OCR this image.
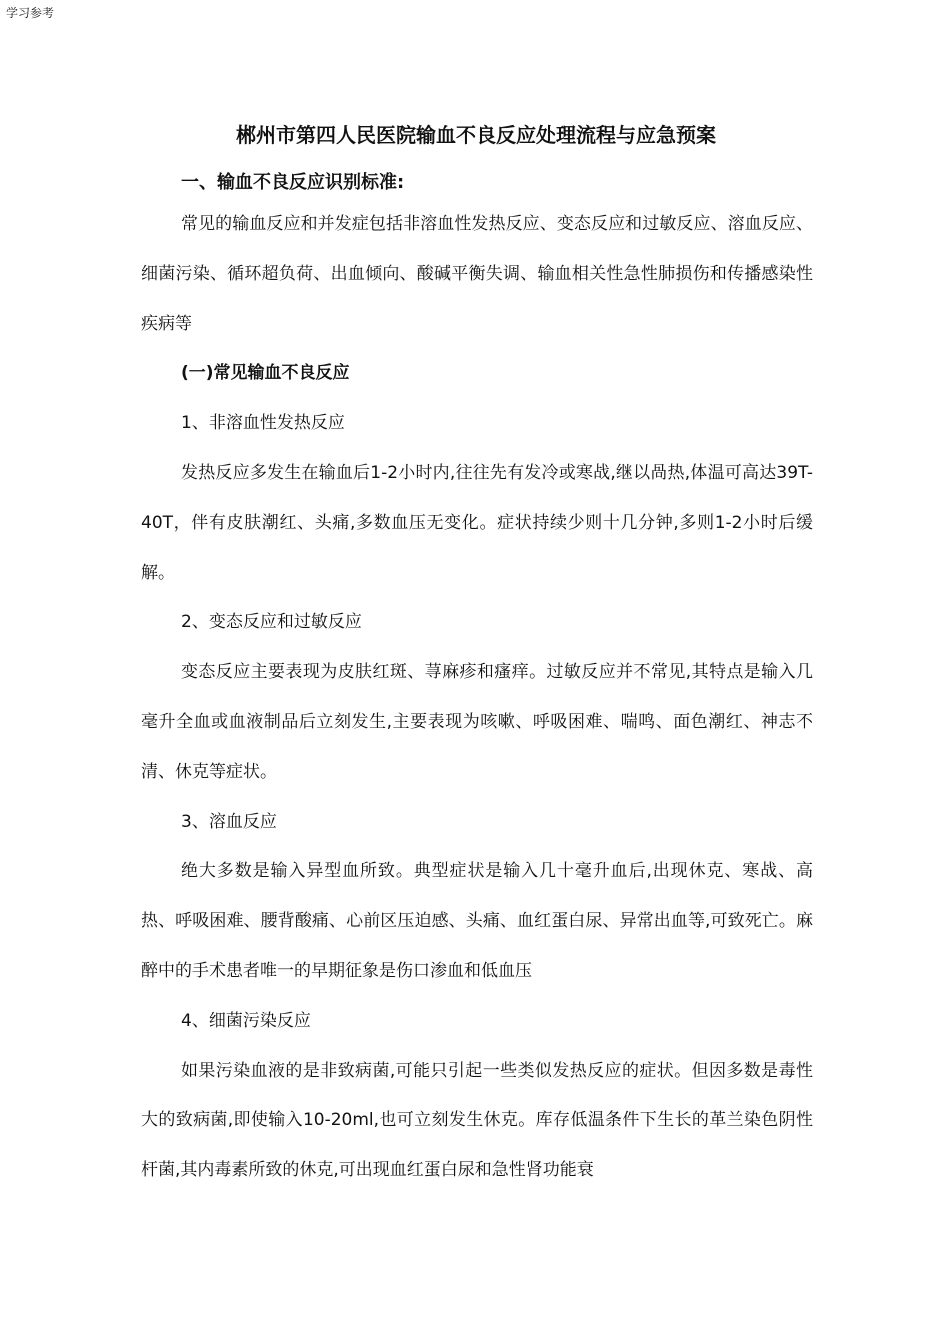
学习参考
郴州市第四人民医院输血不良反应处理流程与应急预案
一、输血不良反应识别标准:

常见的输血反应和并发症包括非溶血性发热反应、变态反应和过敏反应、溶血反应、细菌污染、循环超负荷、出血倾向、酸碱平衡失调、输血相关性急性肺损伤和传播感染性疾病等

(一)常见输血不良反应

1、非溶血性发热反应

发热反应多发生在输血后1-2小时内,往往先有发冷或寒战,继以咼热,体温可高达39T-40T，伴有皮肤潮红、头痛,多数血压无变化。症状持续少则十几分钟,多则1-2小时后缓解。

2、变态反应和过敏反应

变态反应主要表现为皮肤红斑、荨麻疹和瘙痒。过敏反应并不常见,其特点是输入几毫升全血或血液制品后立刻发生,主要表现为咳嗽、呼吸困难、喘鸣、面色潮红、神志不清、休克等症状。

3、溶血反应

绝大多数是输入异型血所致。典型症状是输入几十毫升血后,出现休克、寒战、高热、呼吸困难、腰背酸痛、心前区压迫感、头痛、血红蛋白尿、异常出血等,可致死亡。麻醉中的手术患者唯一的早期征象是伤口渗血和低血压

4、细菌污染反应

如果污染血液的是非致病菌,可能只引起一些类似发热反应的症状。但因多数是毒性大的致病菌,即使输入10-20ml,也可立刻发生休克。库存低温条件下生长的革兰染色阴性杆菌,其内毒素所致的休克,可出现血红蛋白尿和急性肾功能衰
